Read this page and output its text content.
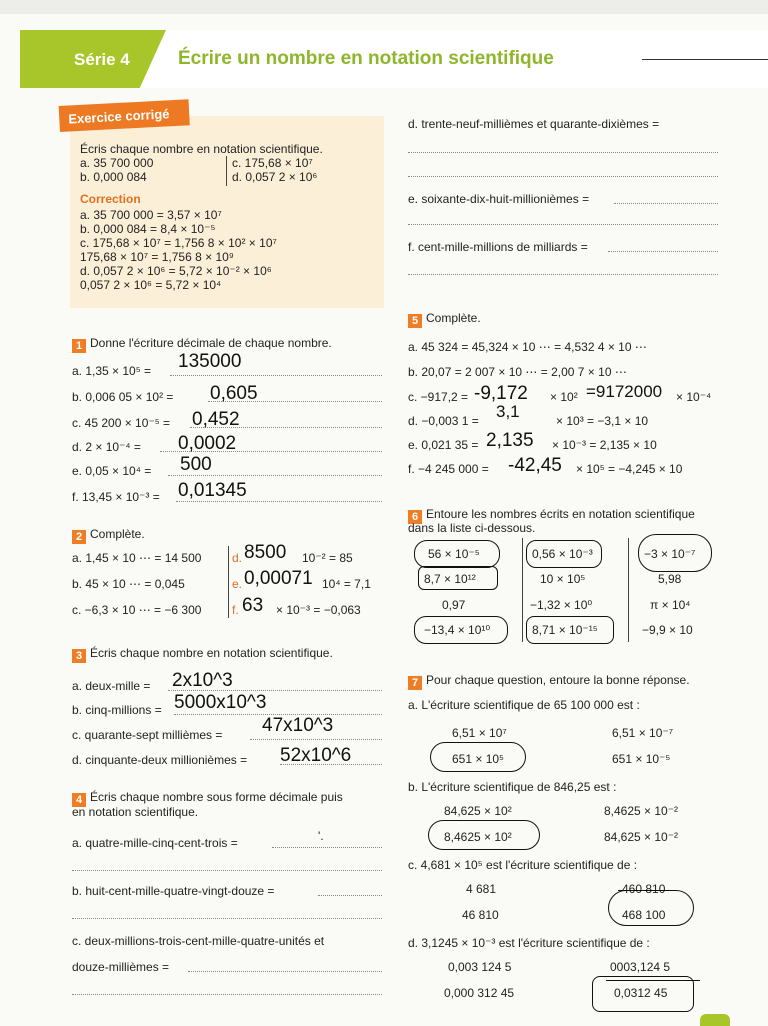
Série 4	Écrire un nombre en notation scientifique
Exercice corrigé
Écris chaque nombre en notation scientifique.
a. 35 700 000
b. 0,000 084
c. 175,68 × 10⁷
d. 0,057 2 × 10⁶
Correction
a. 35 700 000 = 3,57 × 10⁷
b. 0,000 084 = 8,4 × 10⁻⁵
c. 175,68 × 10⁷ = 1,756 8 × 10² × 10⁷
175,68 × 10⁷ = 1,756 8 × 10⁹
d. 0,057 2 × 10⁶ = 5,72 × 10⁻² × 10⁶
0,057 2 × 10⁶ = 5,72 × 10⁴
1 Donne l'écriture décimale de chaque nombre.
a. 1,35 × 10⁵ = 135000
b. 0,006 05 × 10² = 0,605
c. 45 200 × 10⁻⁵ = 0,452
d. 2 × 10⁻⁴ = 0,0002
e. 0,05 × 10⁴ = 500
f. 13,45 × 10⁻³ = 0,01345
2 Complète.
a. 1,45 × 10 ⋯ = 14 500
b. 45 × 10 ⋯ = 0,045
c. −6,3 × 10 ⋯ = −6 300
d. 8500 10⁻² = 85
e. 0,00071 10⁴ = 7,1
f. 63 × 10⁻³ = −0,063
3 Écris chaque nombre en notation scientifique.
a. deux-mille = 2x10^3
b. cinq-millions = 5000x10^3
c. quarante-sept millièmes = 47x10^3
d. cinquante-deux millionièmes = 52x10^6
4 Écris chaque nombre sous forme décimale puis
en notation scientifique.
a. quatre-mille-cinq-cent-trois =	'.
b. huit-cent-mille-quatre-vingt-douze =
c. deux-millions-trois-cent-mille-quatre-unités et
douze-millièmes =
d. trente-neuf-millièmes et quarante-dixièmes =
e. soixante-dix-huit-millionièmes =
f. cent-mille-millions de milliards =
5 Complète.
a. 45 324 = 45,324 × 10 ⋯ = 4,532 4 × 10 ⋯
b. 20,07 = 2 007 × 10 ⋯ = 2,00 7 × 10 ⋯
c. −917,2 = -9,172 × 10² =9172000 × 10⁻⁴
d. −0,003 1 = 3,1	× 10³ = −3,1 × 10
e. 0,021 35 = 2,135 × 10⁻³ = 2,135 × 10
f. −4 245 000 = -42,45 × 10⁵ = −4,245 × 10
6 Entoure les nombres écrits en notation scientifique
dans la liste ci-dessous.
56 × 10⁻⁵	0,56 × 10⁻³	−3 × 10⁻⁷
8,7 × 10¹²	10 × 10⁵	5,98
0,97	−1,32 × 10⁰	π × 10⁴
−13,4 × 10¹⁰	8,71 × 10⁻¹⁵	−9,9 × 10
7 Pour chaque question, entoure la bonne réponse.
a. L'écriture scientifique de 65 100 000 est :
6,51 × 10⁷	6,51 × 10⁻⁷
651 × 10⁵	651 × 10⁻⁵
b. L'écriture scientifique de 846,25 est :
84,625 × 10²	8,4625 × 10⁻²
8,4625 × 10²	84,625 × 10⁻²
c. 4,681 × 10⁵ est l'écriture scientifique de :
4 681	460 810
46 810	468 100
d. 3,1245 × 10⁻³ est l'écriture scientifique de :
0,003 124 5	0003,124 5
0,000 312 45	0,0312 45
